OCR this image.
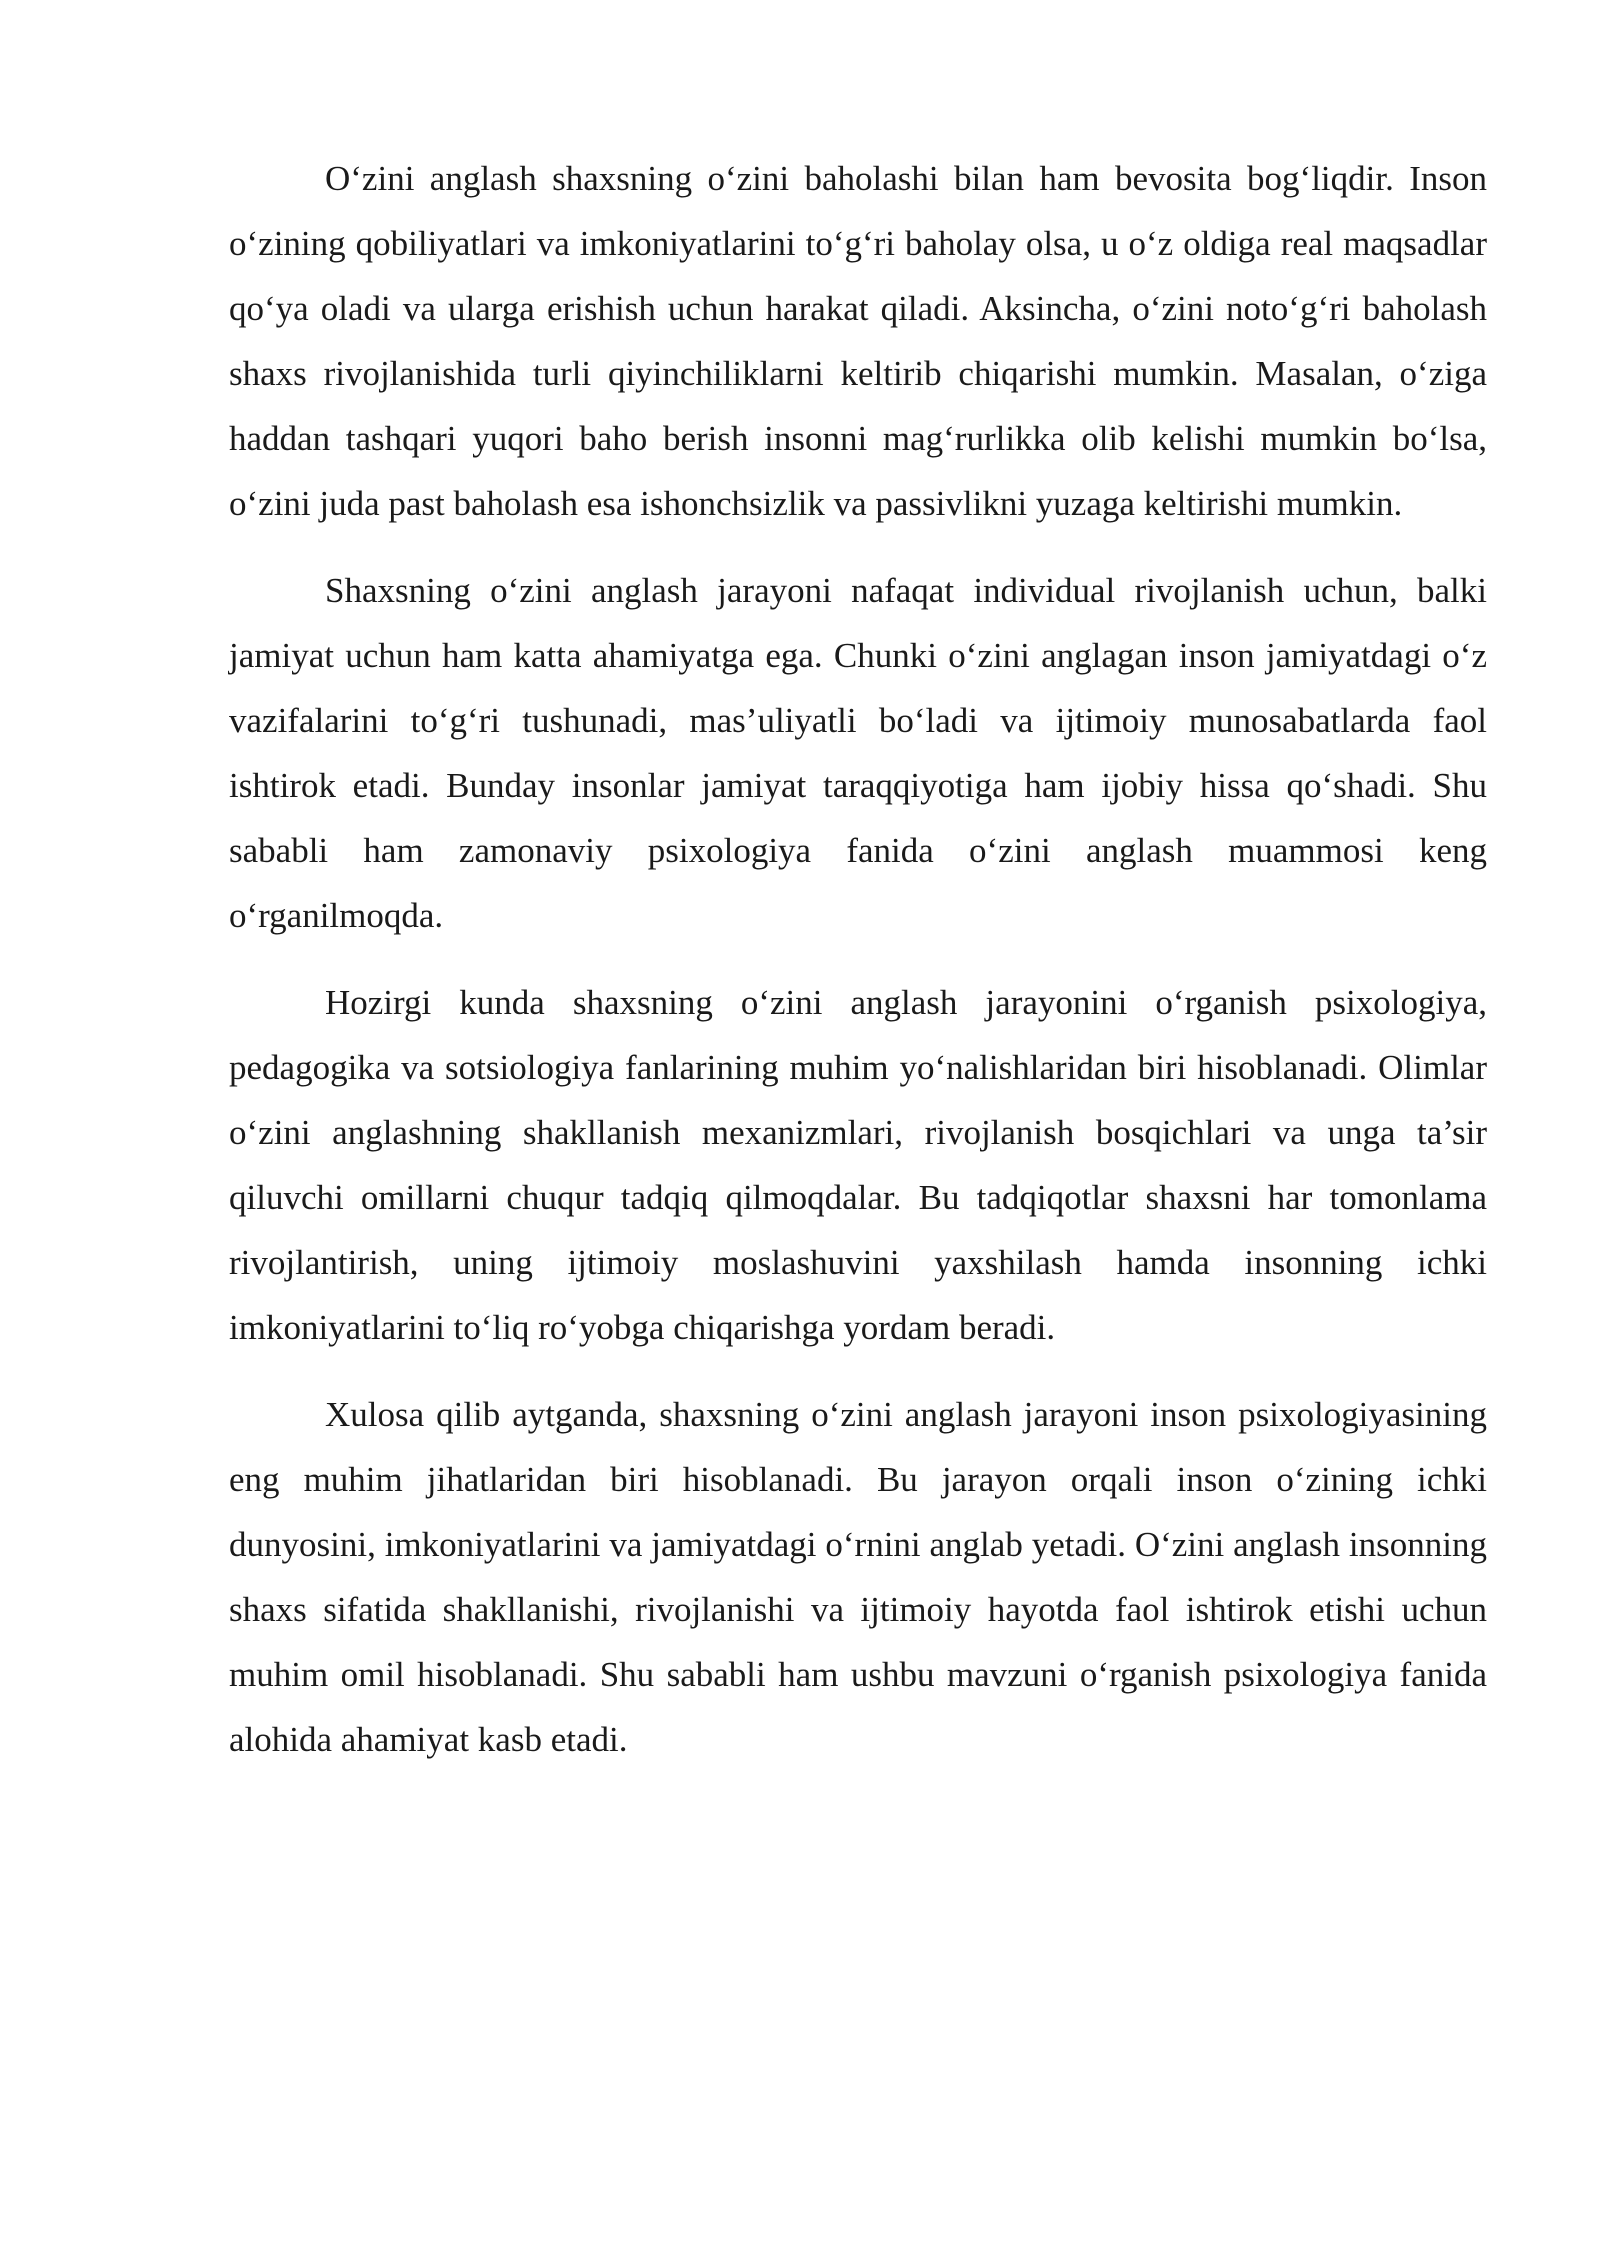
O‘zini anglash shaxsning o‘zini baholashi bilan ham bevosita bog‘liqdir. Inson o‘zining qobiliyatlari va imkoniyatlarini to‘g‘ri baholay olsa, u o‘z oldiga real maqsadlar qo‘ya oladi va ularga erishish uchun harakat qiladi. Aksincha, o‘zini noto‘g‘ri baholash shaxs rivojlanishida turli qiyinchiliklarni keltirib chiqarishi mumkin. Masalan, o‘ziga haddan tashqari yuqori baho berish insonni mag‘rurlikka olib kelishi mumkin bo‘lsa, o‘zini juda past baholash esa ishonchsizlik va passivlikni yuzaga keltirishi mumkin.

Shaxsning o‘zini anglash jarayoni nafaqat individual rivojlanish uchun, balki jamiyat uchun ham katta ahamiyatga ega. Chunki o‘zini anglagan inson jamiyatdagi o‘z vazifalarini to‘g‘ri tushunadi, mas’uliyatli bo‘ladi va ijtimoiy munosabatlarda faol ishtirok etadi. Bunday insonlar jamiyat taraqqiyotiga ham ijobiy hissa qo‘shadi. Shu sababli ham zamonaviy psixologiya fanida o‘zini anglash muammosi keng o‘rganilmoqda.

Hozirgi kunda shaxsning o‘zini anglash jarayonini o‘rganish psixologiya, pedagogika va sotsiologiya fanlarining muhim yo‘nalishlaridan biri hisoblanadi. Olimlar o‘zini anglashning shakllanish mexanizmlari, rivojlanish bosqichlari va unga ta’sir qiluvchi omillarni chuqur tadqiq qilmoqdalar. Bu tadqiqotlar shaxsni har tomonlama rivojlantirish, uning ijtimoiy moslashuvini yaxshilash hamda insonning ichki imkoniyatlarini to‘liq ro‘yobga chiqarishga yordam beradi.

Xulosa qilib aytganda, shaxsning o‘zini anglash jarayoni inson psixologiyasining eng muhim jihatlaridan biri hisoblanadi. Bu jarayon orqali inson o‘zining ichki dunyosini, imkoniyatlarini va jamiyatdagi o‘rnini anglab yetadi. O‘zini anglash insonning shaxs sifatida shakllanishi, rivojlanishi va ijtimoiy hayotda faol ishtirok etishi uchun muhim omil hisoblanadi. Shu sababli ham ushbu mavzuni o‘rganish psixologiya fanida alohida ahamiyat kasb etadi.
